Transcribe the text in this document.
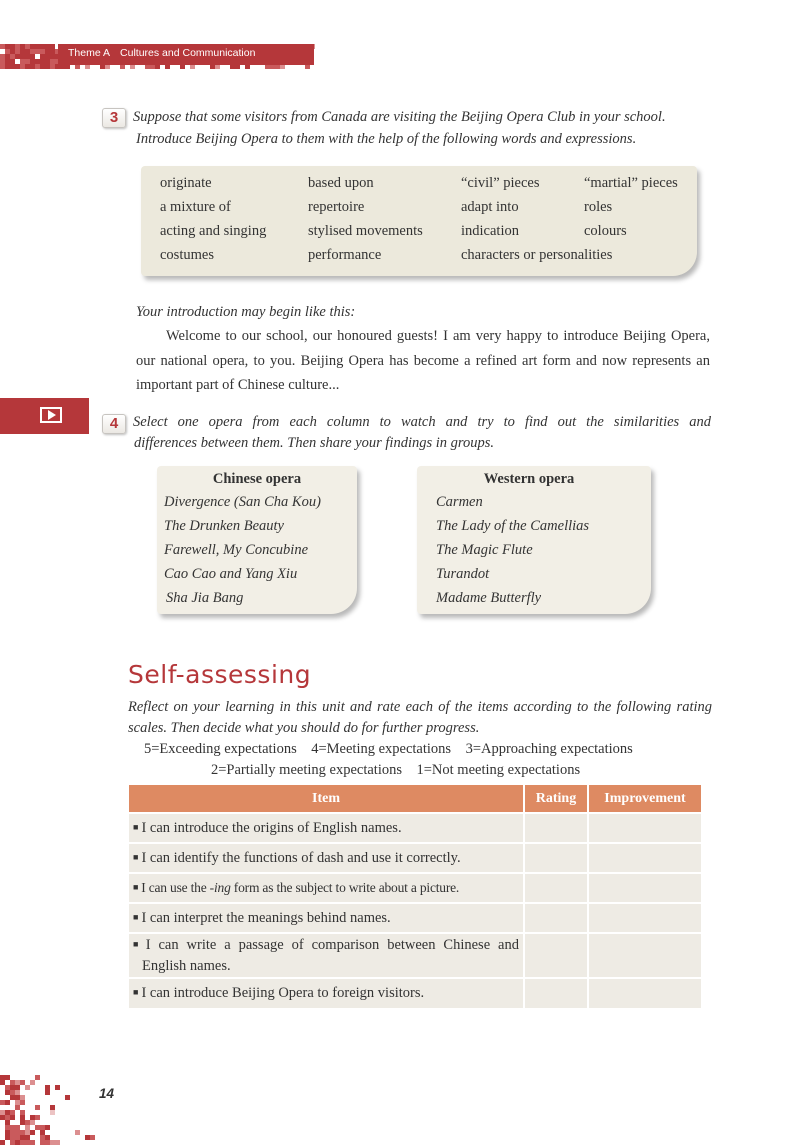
Theme A Cultures and Communication
3	Suppose that some visitors from Canada are visiting the Beijing Opera Club in your school.
Introduce Beijing Opera to them with the help of the following words and expressions.
originate	based upon	“civil” pieces	“martial” pieces
a mixture of	repertoire	adapt into	roles
acting and singing	stylised movements	indication	colours
costumes	performance	characters or personalities
Your introduction may begin like this:
Welcome to our school, our honoured guests! I am very happy to introduce Beijing Opera, our national opera, to you. Beijing Opera has become a refined art form and now represents an important part of Chinese culture...
4	Select one opera from each column to watch and try to find out the similarities and
differences between them. Then share your findings in groups.
Chinese opera
Divergence (San Cha Kou)
The Drunken Beauty
Farewell, My Concubine
Cao Cao and Yang Xiu
Sha Jia Bang
Western opera
Carmen
The Lady of the Camellias
The Magic Flute
Turandot
Madame Butterfly
Self-assessing
Reflect on your learning in this unit and rate each of the items according to the following rating scales. Then decide what you should do for further progress.
5=Exceeding expectations    4=Meeting expectations    3=Approaching expectations
2=Partially meeting expectations    1=Not meeting expectations
Item	Rating	Improvement
■ I can introduce the origins of English names.		
■ I can identify the functions of dash and use it correctly.		
■ I can use the -ing form as the subject to write about a picture.		
■ I can interpret the meanings behind names.		
■ I can write a passage of comparison between Chinese and English names.		
■ I can introduce Beijing Opera to foreign visitors.		
14
